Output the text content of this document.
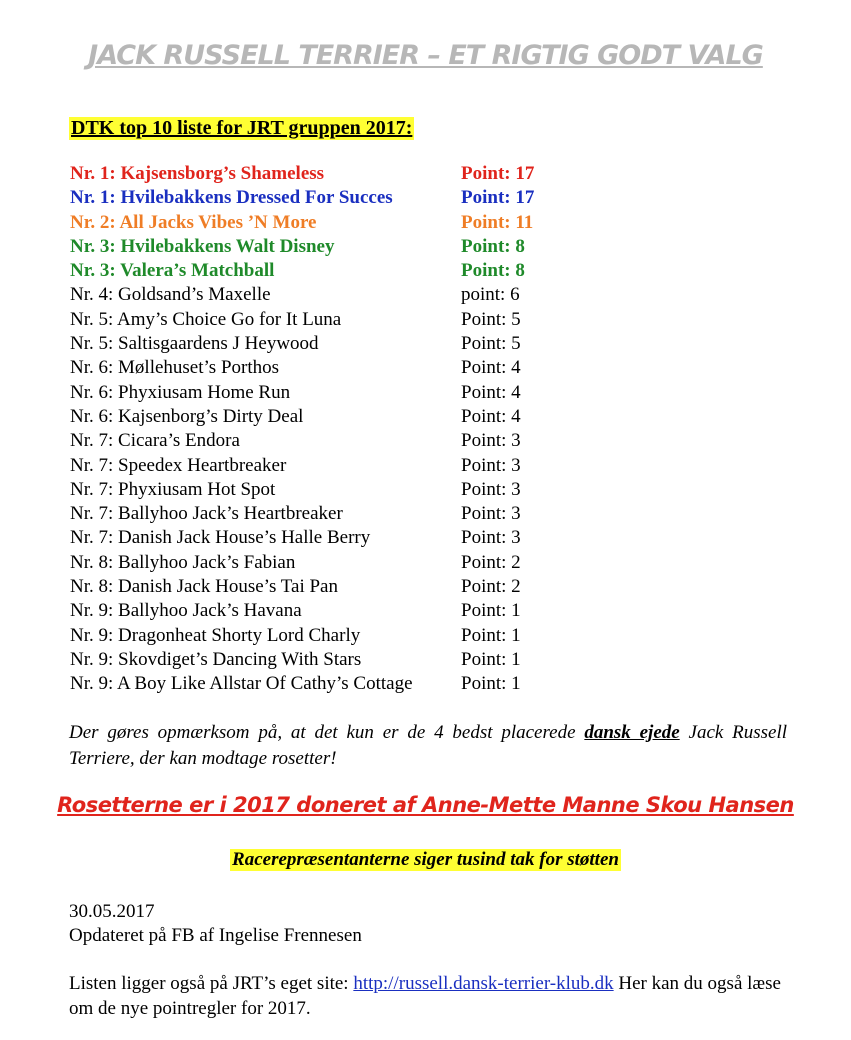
JACK RUSSELL TERRIER – ET RIGTIG GODT VALG
DTK top 10 liste for JRT gruppen 2017:
Nr. 1: Kajsensborg’s Shameless	Point: 17
Nr. 1: Hvilebakkens Dressed For Succes	Point: 17
Nr. 2: All Jacks Vibes ’N More	Point: 11
Nr. 3: Hvilebakkens Walt Disney	Point: 8
Nr. 3: Valera’s Matchball	Point: 8
Nr. 4: Goldsand’s Maxelle	point: 6
Nr. 5: Amy’s Choice Go for It Luna	Point: 5
Nr. 5: Saltisgaardens J Heywood	Point: 5
Nr. 6: Møllehuset’s Porthos	Point: 4
Nr. 6: Phyxiusam Home Run	Point: 4
Nr. 6: Kajsenborg’s Dirty Deal	Point: 4
Nr. 7: Cicara’s Endora	Point: 3
Nr. 7: Speedex Heartbreaker	Point: 3
Nr. 7: Phyxiusam Hot Spot	Point: 3
Nr. 7: Ballyhoo Jack’s Heartbreaker	Point: 3
Nr. 7: Danish Jack House’s Halle Berry	Point: 3
Nr. 8: Ballyhoo Jack’s Fabian	Point: 2
Nr. 8: Danish Jack House’s Tai Pan	Point: 2
Nr. 9: Ballyhoo Jack’s Havana	Point: 1
Nr. 9: Dragonheat Shorty Lord Charly	Point: 1
Nr. 9: Skovdiget’s Dancing With Stars	Point: 1
Nr. 9: A Boy Like Allstar Of Cathy’s Cottage	Point: 1
Der gøres opmærksom på, at det kun er de 4 bedst placerede dansk ejede Jack Russell Terriere, der kan modtage rosetter!
Rosetterne er i 2017 doneret af Anne-Mette Manne Skou Hansen
Racerepræsentanterne siger tusind tak for støtten
30.05.2017
Opdateret på FB af Ingelise Frennesen
Listen ligger også på JRT’s eget site: http://russell.dansk-terrier-klub.dk Her kan du også læse om de nye pointregler for 2017.
